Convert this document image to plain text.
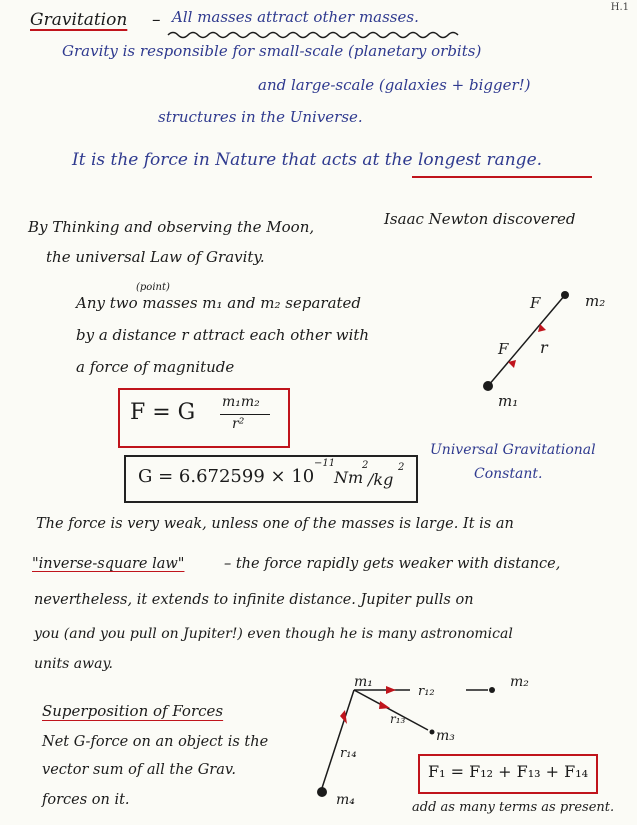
H.1
Gravitation – All masses attract other masses.
Gravity is responsible for small-scale (planetary orbits)
and large-scale (galaxies + bigger!)
structures in the Universe.
It is the force in Nature that acts at the longest range.
By Thinking and observing the Moon,	Isaac Newton discovered
the universal Law of Gravity.
(point)
Any two masses m₁ and m₂ separated
by a distance r attract each other with
a force of magnitude
F
F r
m₂
m₁
F = G m₁m₂
r²
G = 6.672599 × 10
−11
Nm
2
/kg
2
Universal Gravitational
Constant.
The force is very weak, unless one of the masses is large. It is an
"inverse-square law"	– the force rapidly gets weaker with distance,
nevertheless, it extends to infinite distance. Jupiter pulls on
you (and you pull on Jupiter!) even though he is many astronomical
units away.
Superposition of Forces
Net G-force on an object is the
vector sum of all the Grav.
forces on it.
m₁
r₁₂
m₂
r₁₃
m₃
r₁₄
m₄
F₁ = F₁₂ + F₁₃ + F₁₄
add as many terms as present.
